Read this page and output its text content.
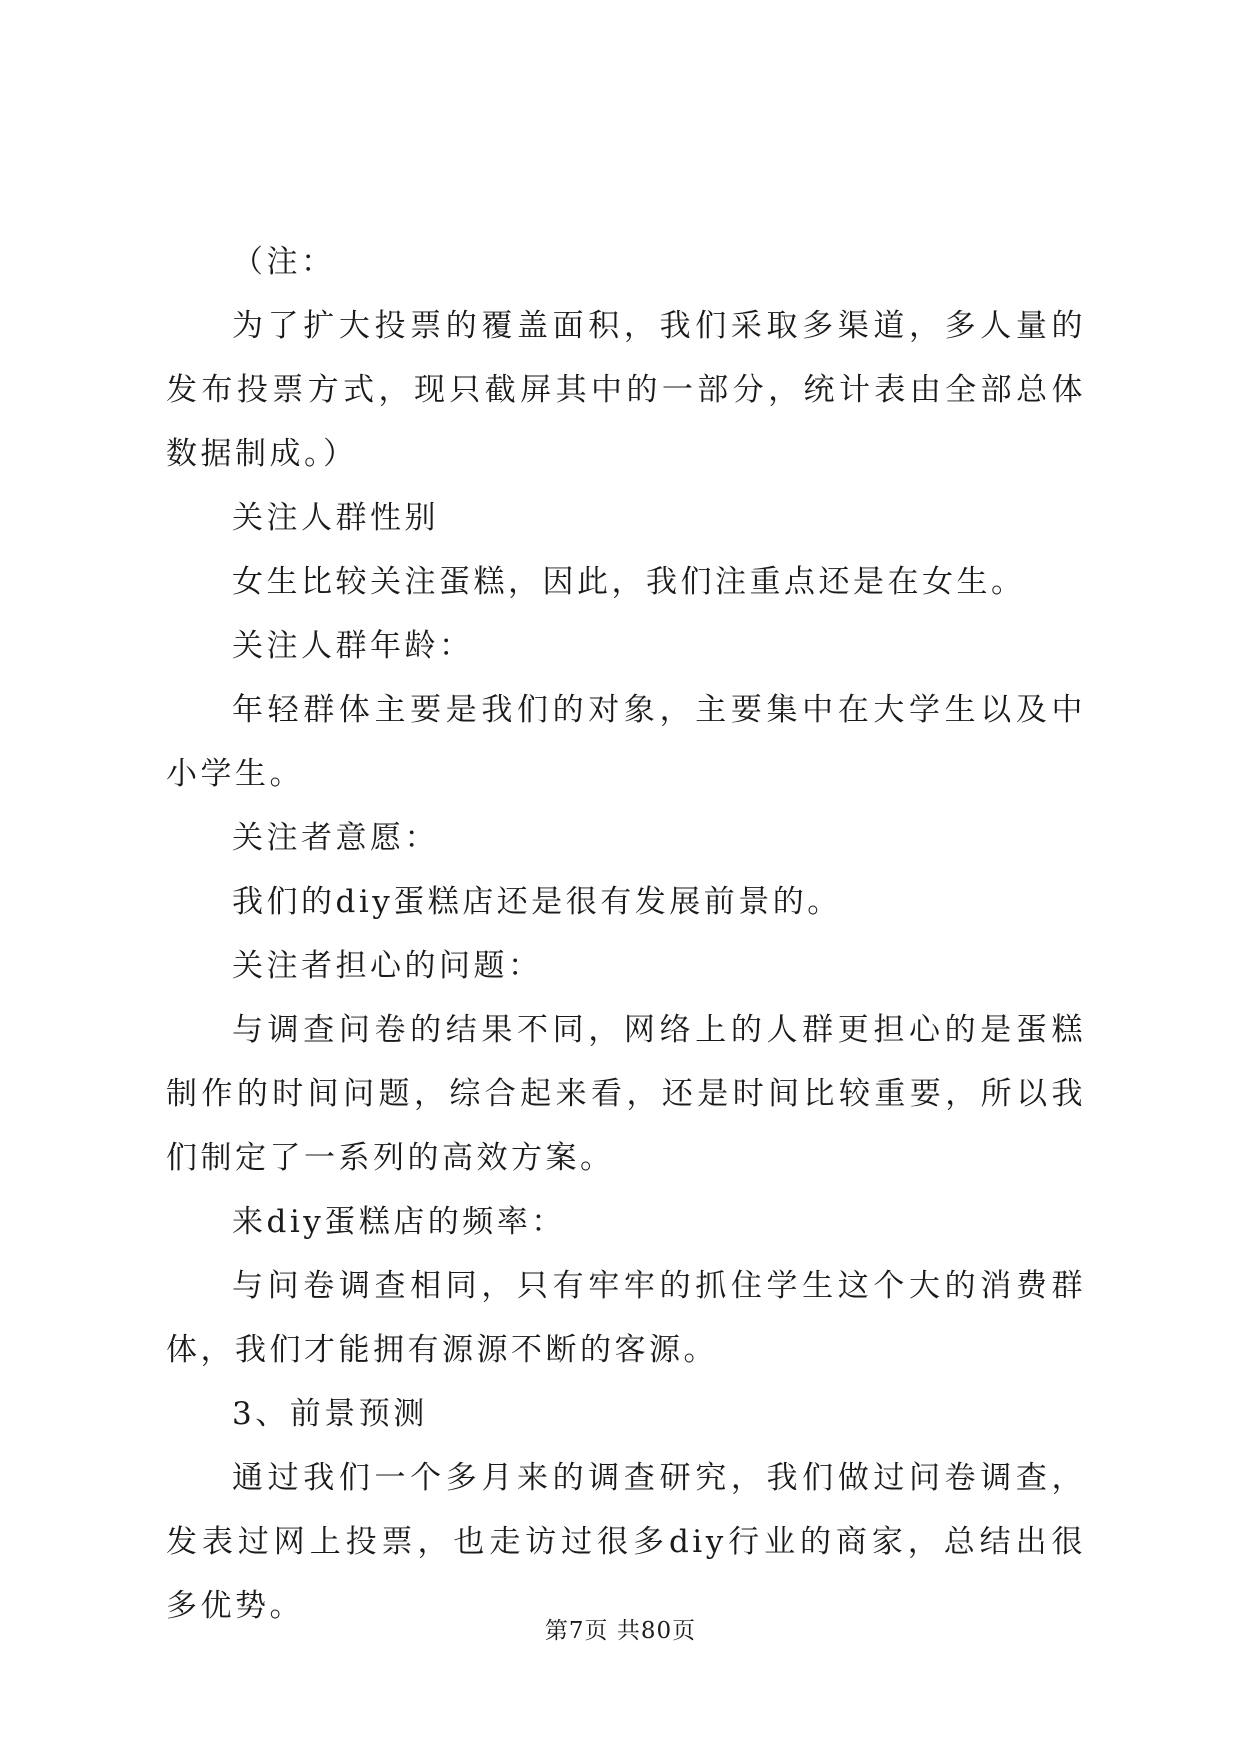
（注：

为了扩大投票的覆盖面积，我们采取多渠道，多人量的发布投票方式，现只截屏其中的一部分，统计表由全部总体数据制成。）

关注人群性别

女生比较关注蛋糕，因此，我们注重点还是在女生。

关注人群年龄：

年轻群体主要是我们的对象，主要集中在大学生以及中小学生。

关注者意愿：

我们的diy蛋糕店还是很有发展前景的。

关注者担心的问题：

与调查问卷的结果不同，网络上的人群更担心的是蛋糕制作的时间问题，综合起来看，还是时间比较重要，所以我们制定了一系列的高效方案。

来diy蛋糕店的频率：

与问卷调查相同，只有牢牢的抓住学生这个大的消费群体，我们才能拥有源源不断的客源。

3、前景预测

通过我们一个多月来的调查研究，我们做过问卷调查，发表过网上投票，也走访过很多diy行业的商家，总结出很多优势。

第7页 共80页
